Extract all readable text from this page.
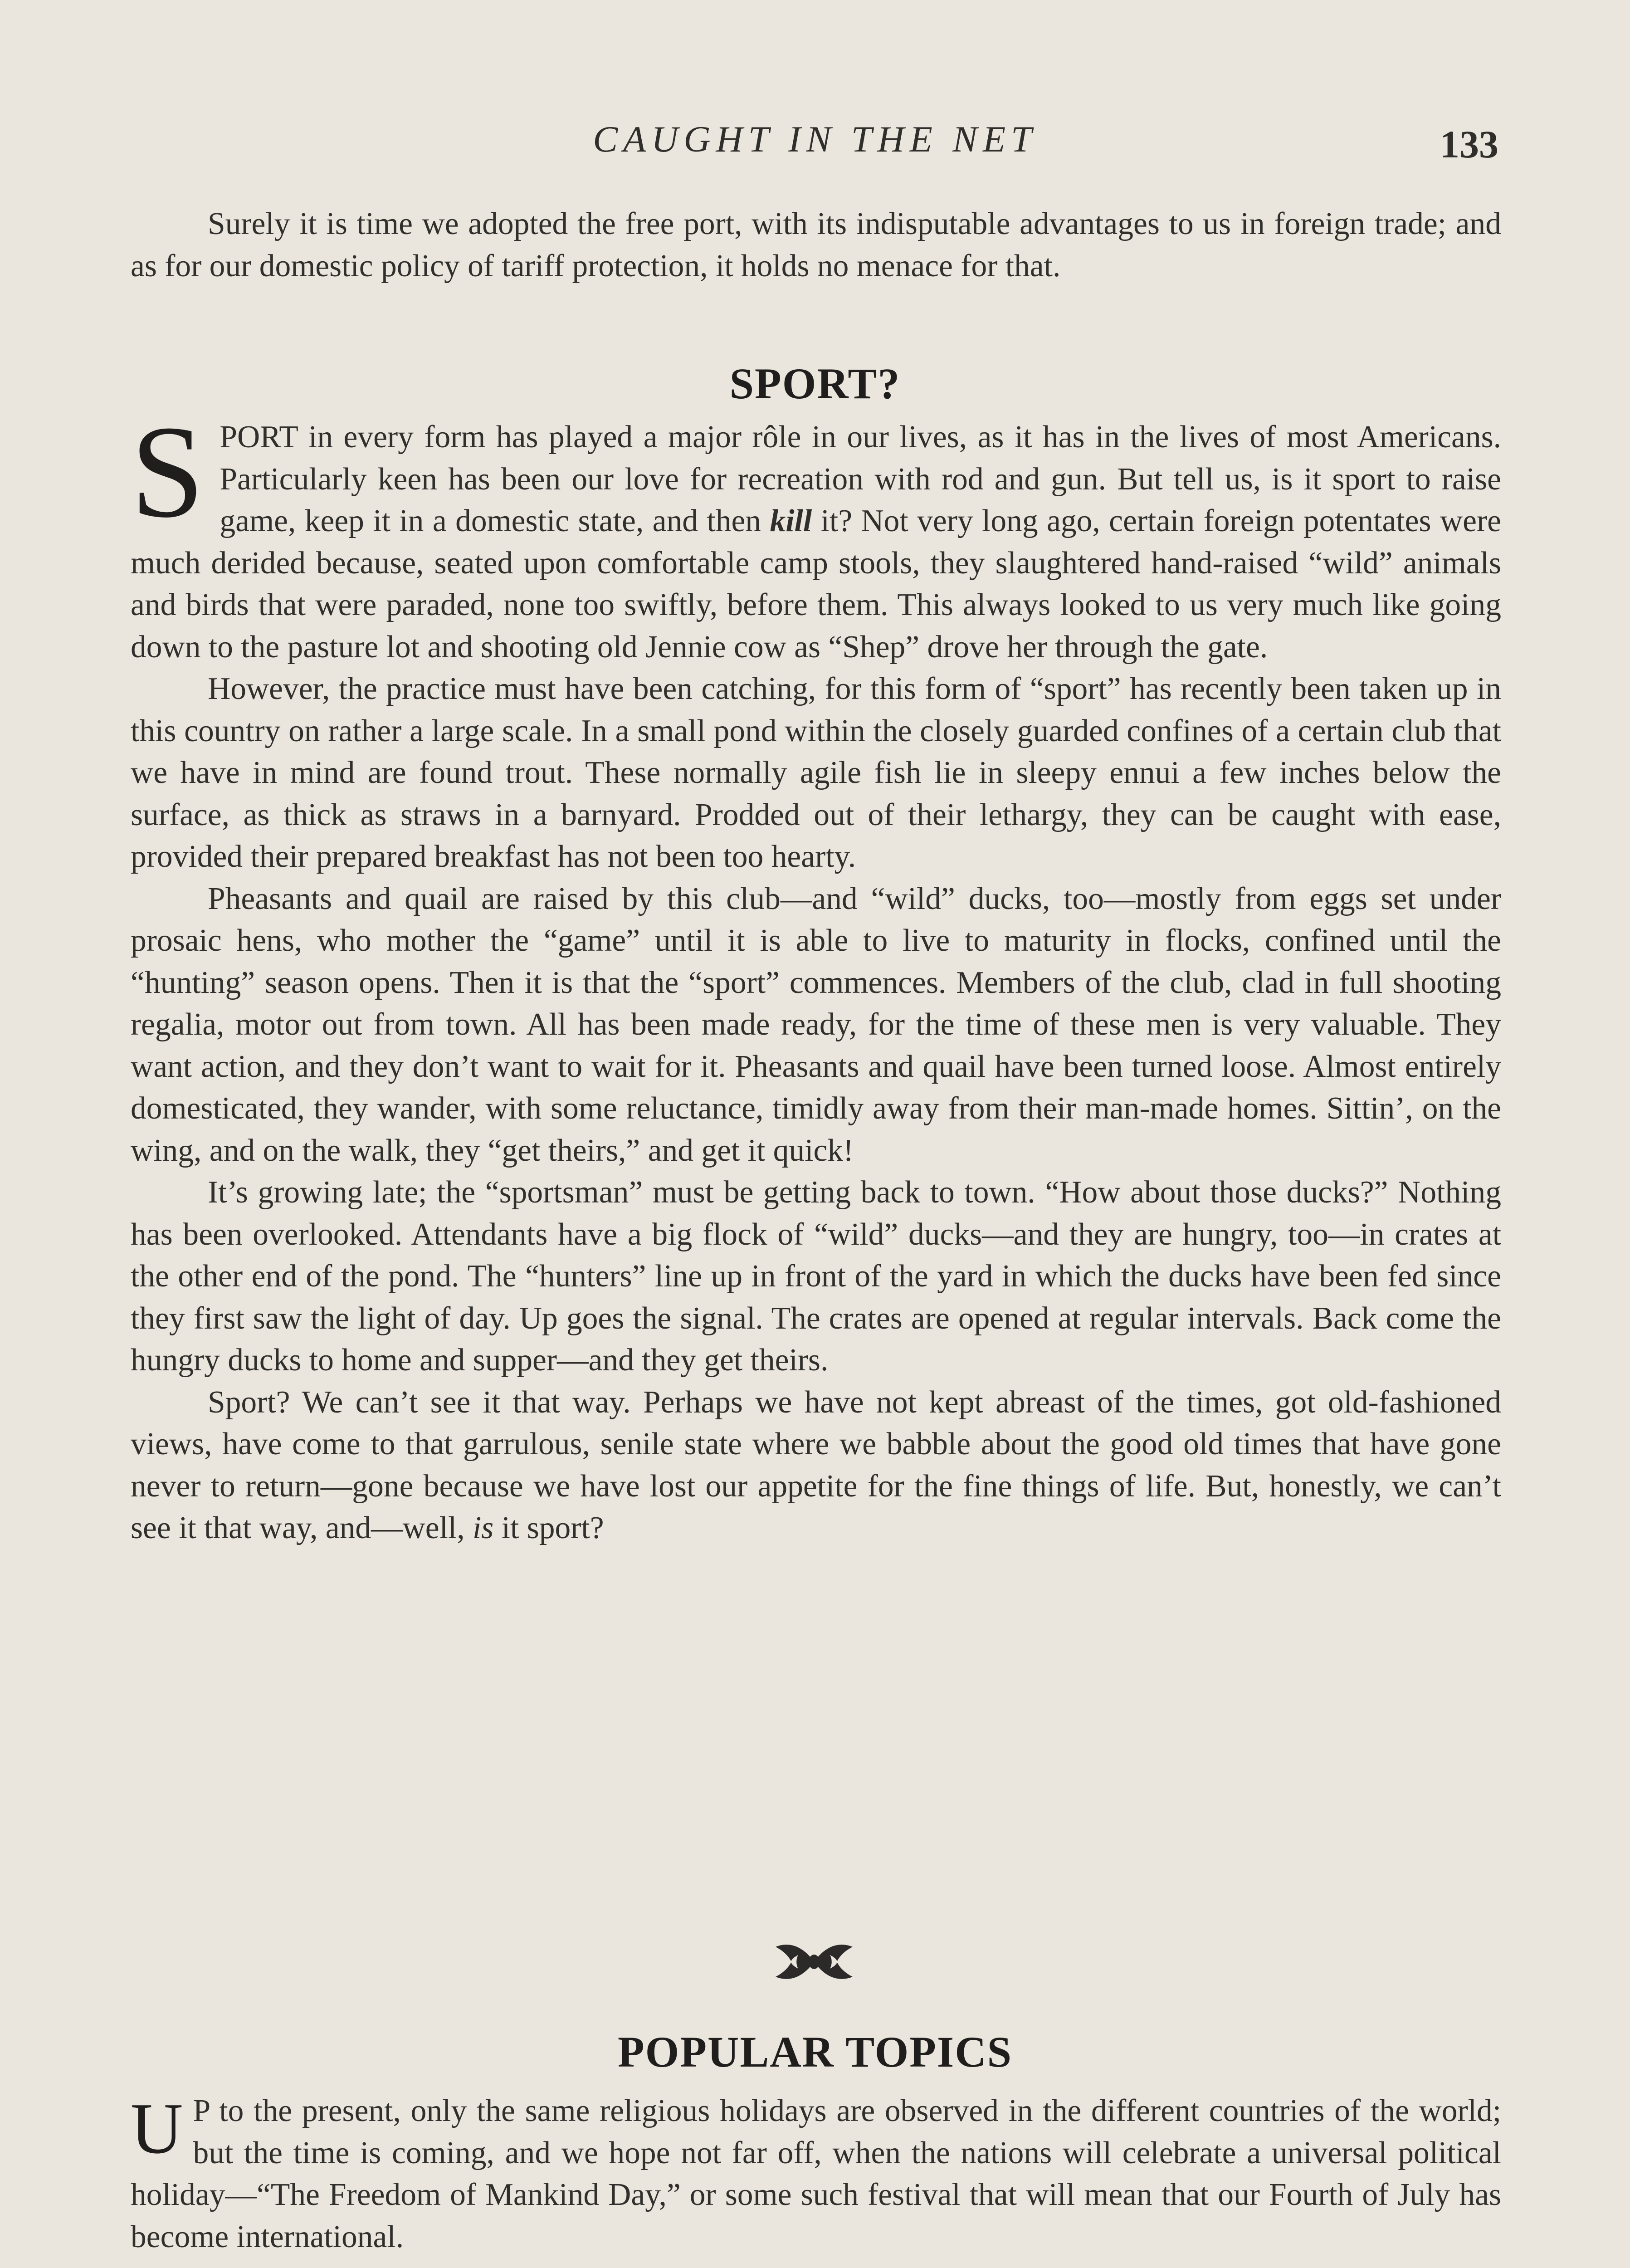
CAUGHT IN THE NET	133

Surely it is time we adopted the free port, with its indisputable advantages to us in foreign trade; and as for our domestic policy of tariff protection, it holds no menace for that.

SPORT?

SPORT in every form has played a major rôle in our lives, as it has in the lives of most Americans. Particularly keen has been our love for recreation with rod and gun. But tell us, is it sport to raise game, keep it in a domestic state, and then kill it? Not very long ago, certain foreign potentates were much derided because, seated upon comfortable camp stools, they slaughtered hand-raised “wild” animals and birds that were paraded, none too swiftly, before them. This always looked to us very much like going down to the pasture lot and shooting old Jennie cow as “Shep” drove her through the gate.

However, the practice must have been catching, for this form of “sport” has recently been taken up in this country on rather a large scale. In a small pond within the closely guarded confines of a certain club that we have in mind are found trout. These normally agile fish lie in sleepy ennui a few inches below the surface, as thick as straws in a barnyard. Prodded out of their lethargy, they can be caught with ease, provided their prepared breakfast has not been too hearty.

Pheasants and quail are raised by this club—and “wild” ducks, too—mostly from eggs set under prosaic hens, who mother the “game” until it is able to live to maturity in flocks, confined until the “hunting” season opens. Then it is that the “sport” commences. Members of the club, clad in full shooting regalia, motor out from town. All has been made ready, for the time of these men is very valuable. They want action, and they don’t want to wait for it. Pheasants and quail have been turned loose. Almost entirely domesticated, they wander, with some reluctance, timidly away from their man-made homes. Sittin’, on the wing, and on the walk, they “get theirs,” and get it quick!

It’s growing late; the “sportsman” must be getting back to town. “How about those ducks?” Nothing has been overlooked. Attendants have a big flock of “wild” ducks—and they are hungry, too—in crates at the other end of the pond. The “hunters” line up in front of the yard in which the ducks have been fed since they first saw the light of day. Up goes the signal. The crates are opened at regular intervals. Back come the hungry ducks to home and supper—and they get theirs.

Sport? We can’t see it that way. Perhaps we have not kept abreast of the times, got old-fashioned views, have come to that garrulous, senile state where we babble about the good old times that have gone never to return—gone because we have lost our appetite for the fine things of life. But, honestly, we can’t see it that way, and—well, is it sport?

POPULAR TOPICS

U P to the present, only the same religious holidays are observed in the different countries of the world; but the time is coming, and we hope not far off, when the nations will celebrate a universal political holiday—“The Freedom of Mankind Day,” or some such festival that will mean that our Fourth of July has become international.
